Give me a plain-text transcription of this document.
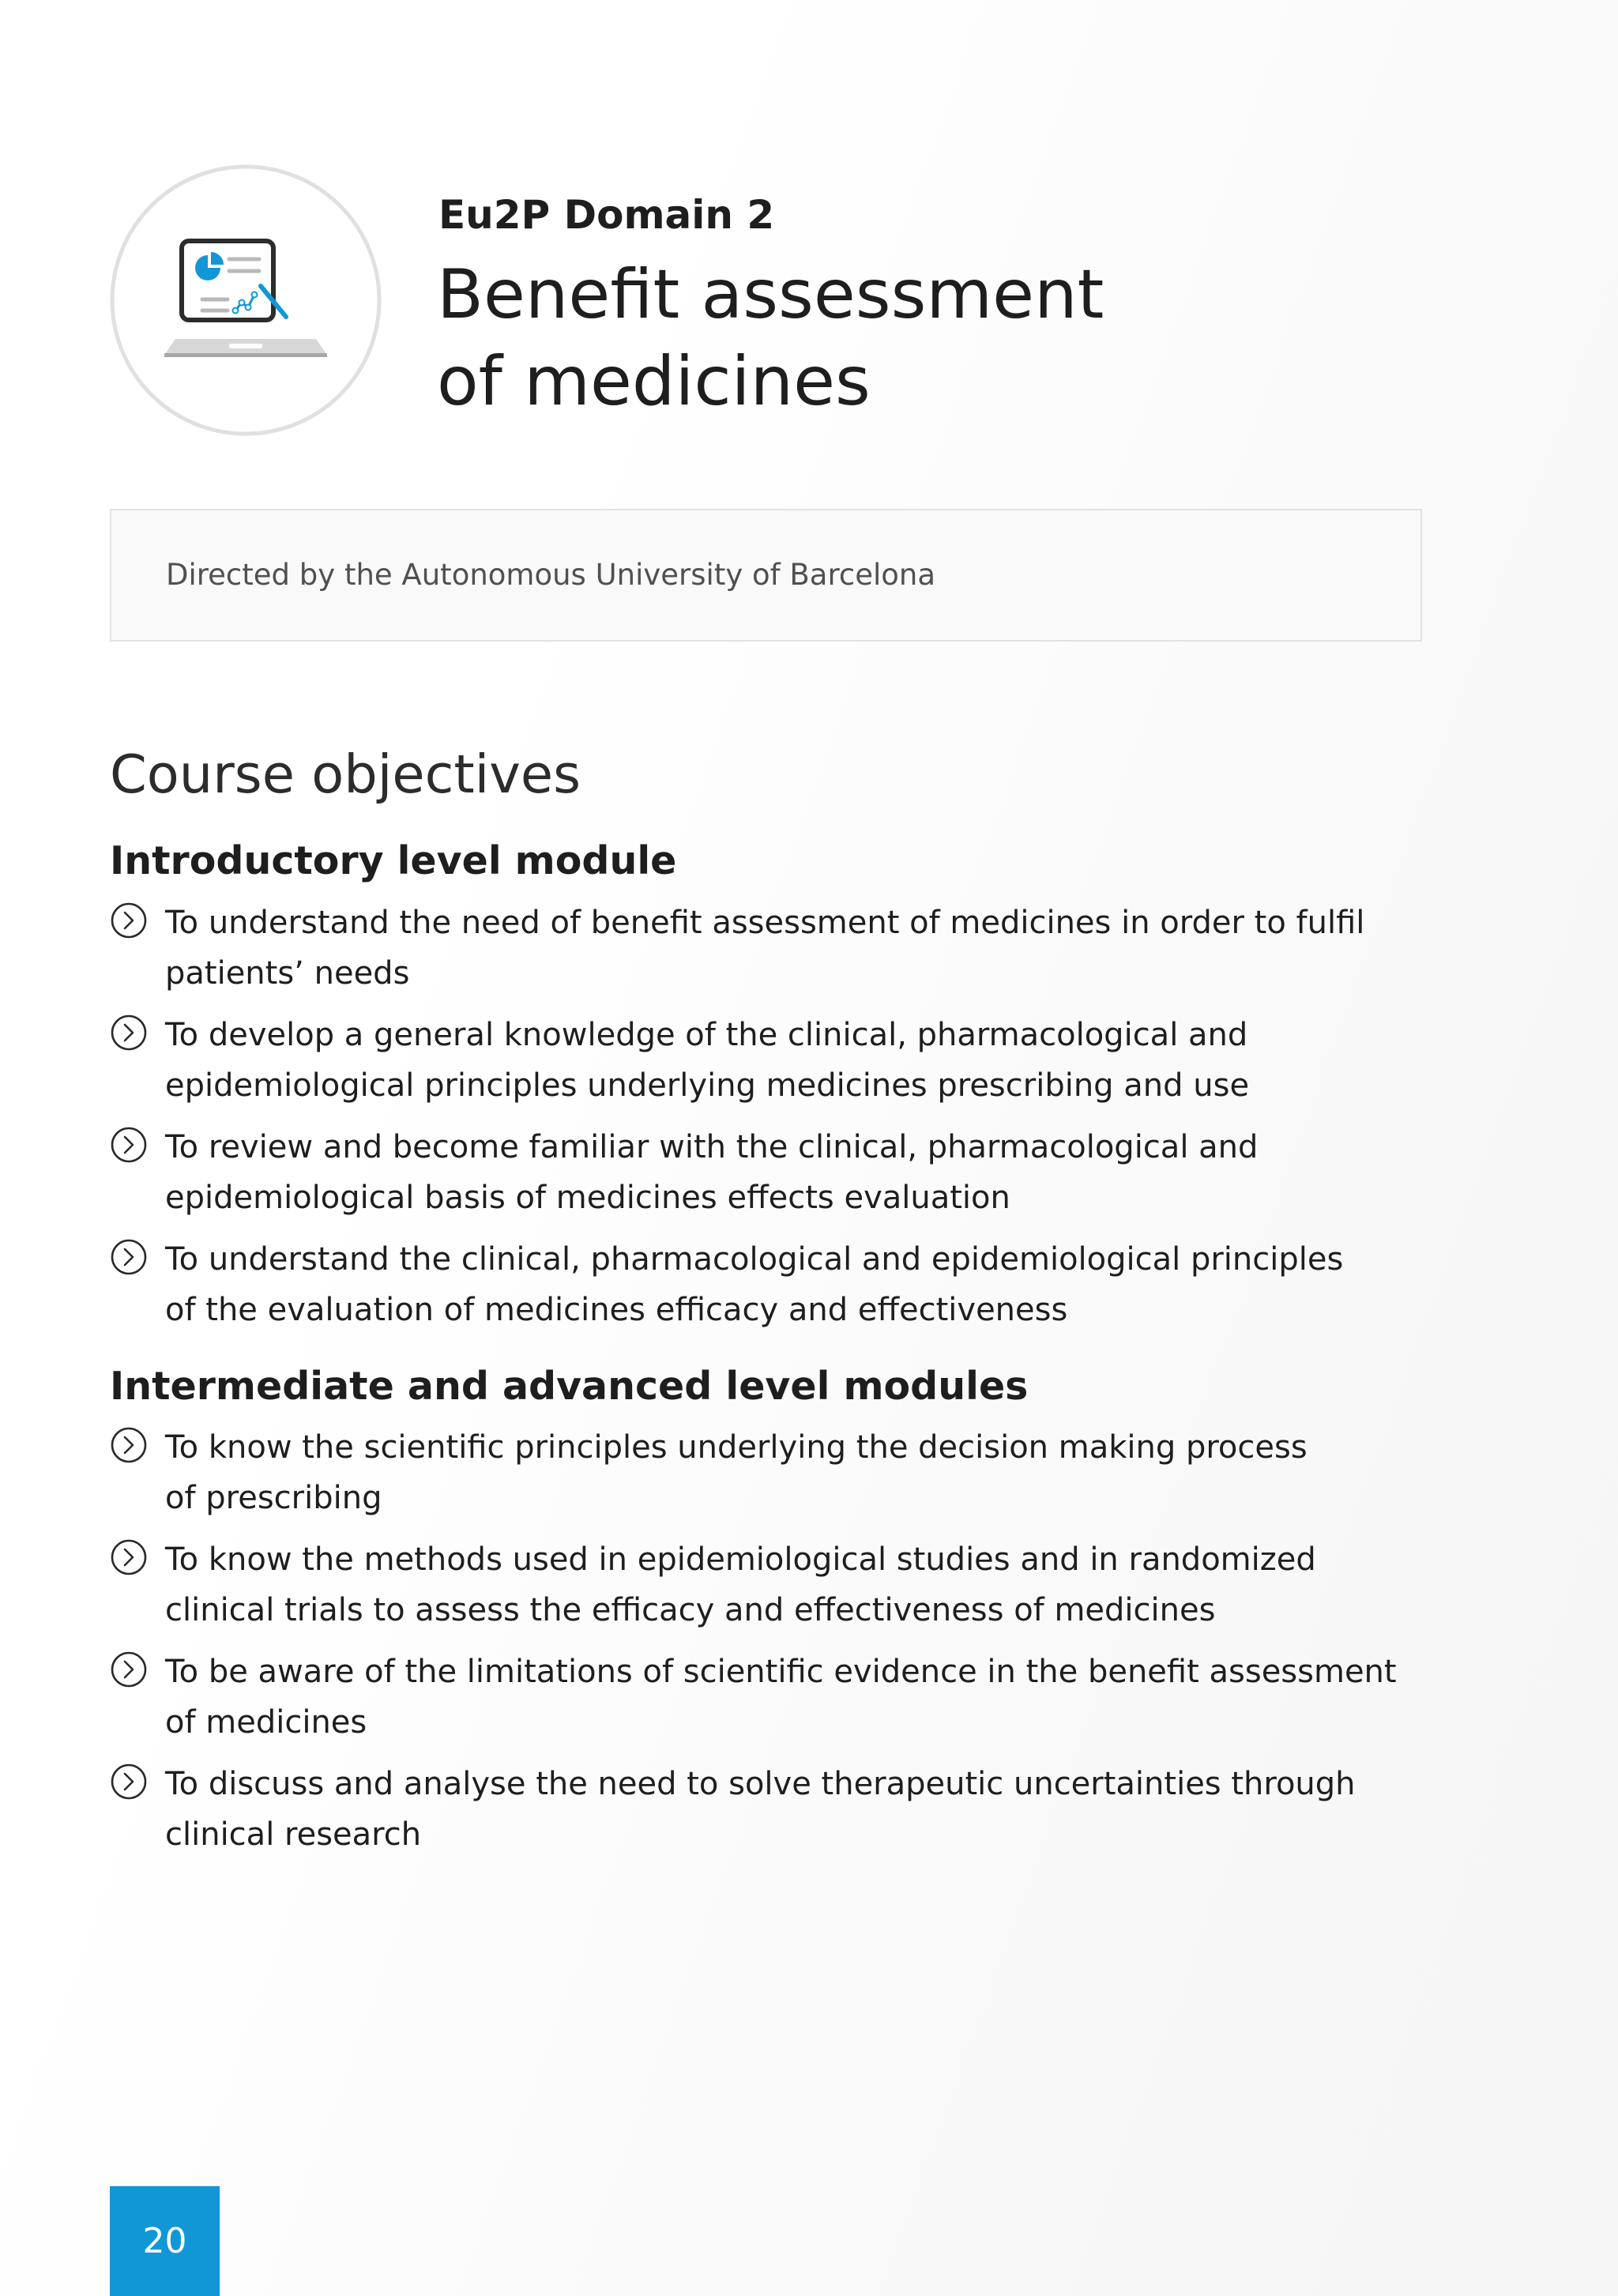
Eu2P Domain 2
Benefit assessment
of medicines
Directed by the Autonomous University of Barcelona
Course objectives
Introductory level module
To understand the need of benefit assessment of medicines in order to fulfil
patients’ needs
To develop a general knowledge of the clinical, pharmacological and
epidemiological principles underlying medicines prescribing and use
To review and become familiar with the clinical, pharmacological and
epidemiological basis of medicines effects evaluation
To understand the clinical, pharmacological and epidemiological principles
of the evaluation of medicines efficacy and effectiveness
Intermediate and advanced level modules
To know the scientific principles underlying the decision making process
of prescribing
To know the methods used in epidemiological studies and in randomized
clinical trials to assess the efficacy and effectiveness of medicines
To be aware of the limitations of scientific evidence in the benefit assessment
of medicines
To discuss and analyse the need to solve therapeutic uncertainties through
clinical research
20
